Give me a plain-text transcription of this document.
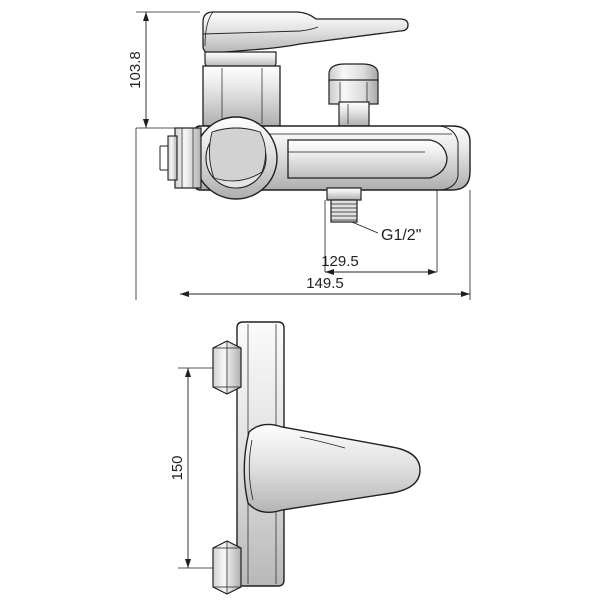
103.8
129.5
149.5
G1/2"
150
